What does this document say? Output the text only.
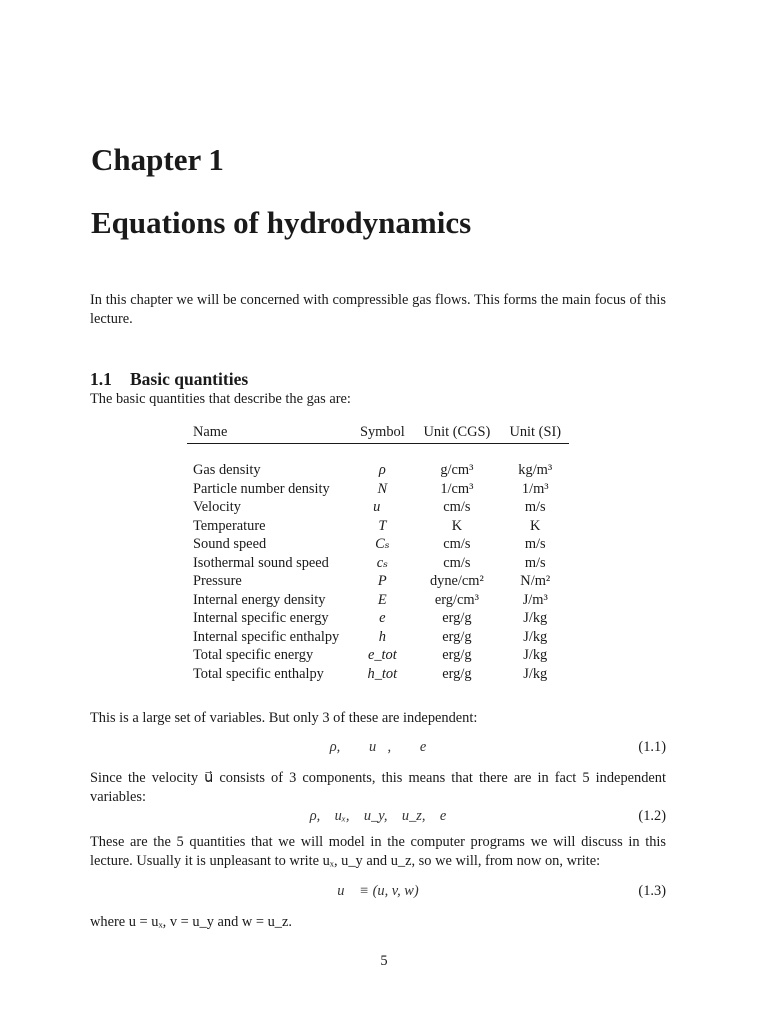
Chapter 1
Equations of hydrodynamics
In this chapter we will be concerned with compressible gas flows. This forms the main focus of this lecture.
1.1 Basic quantities
The basic quantities that describe the gas are:
Name	Symbol	Unit (CGS)	Unit (SI)

Gas density	ρ	g/cm³	kg/m³
Particle number density	N	1/cm³	1/m³
Velocity	u⃗	cm/s	m/s
Temperature	T	K	K
Sound speed	Cₛ	cm/s	m/s
Isothermal sound speed	cₛ	cm/s	m/s
Pressure	P	dyne/cm²	N/m²
Internal energy density	E	erg/cm³	J/m³
Internal specific energy	e	erg/g	J/kg
Internal specific enthalpy	h	erg/g	J/kg
Total specific energy	e_tot	erg/g	J/kg
Total specific enthalpy	h_tot	erg/g	J/kg
This is a large set of variables. But only 3 of these are independent:
ρ,        u⃗,        e	(1.1)
Since the velocity u⃗ consists of 3 components, this means that there are in fact 5 independent variables:
ρ,    uₓ,    u_y,    u_z,    e	(1.2)
These are the 5 quantities that we will model in the computer programs we will discuss in this lecture. Usually it is unpleasant to write uₓ, u_y and u_z, so we will, from now on, write:
u⃗ ≡ (u, v, w)	(1.3)
where u = uₓ, v = u_y and w = u_z.
5
